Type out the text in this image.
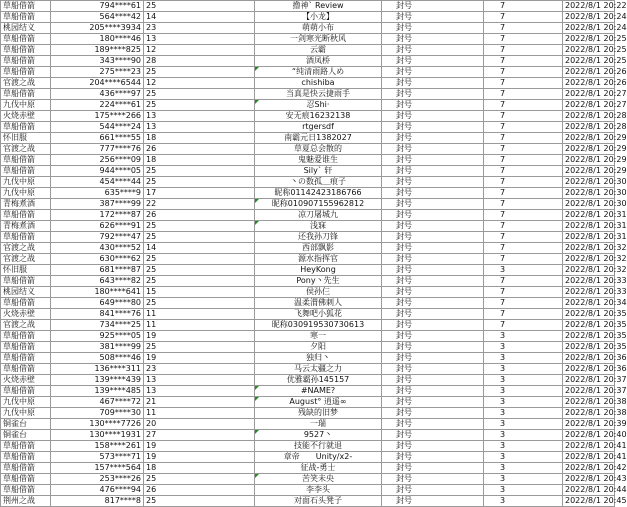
草船借箭	794****61	25	撸神` Review	封号	7	2022/8/1 20:22
草船借箭	564****42	14	【小龙】	封号	7	2022/8/1 20:24
桃园结义	205****3934	23	萌萌小布	封号	7	2022/8/1 20:24
草船借箭	180****46	13	一剑寒光断秋风	封号	7	2022/8/1 20:25
草船借箭	189****825	12	云霸	封号	7	2022/8/1 20:25
草船借箭	343****90	28	酒凤桥	封号	7	2022/8/1 20:25
草船借箭	275****23	25	“纯清雨路人め	封号	7	2022/8/1 20:26
官渡之战	204****6544	12	chishiba	封号	7	2022/8/1 20:26
草船借箭	436****97	25	当真是快云捷雨手	封号	7	2022/8/1 20:27
九伐中原	224****61	25	忍Shi·	封号	7	2022/8/1 20:27
火烧赤壁	175****266	13	安无痕16232138	封号	7	2022/8/1 20:28
草船借箭	544****24	13	rtgersdf	封号	7	2022/8/1 20:28
怀旧服	661****55	18	南霸元日1382027	封号	7	2022/8/1 20:29
官渡之战	777****76	26	草夏总会散的	封号	7	2022/8/1 20:29
草船借箭	256****09	18	鬼魅爱谁生	封号	7	2022/8/1 20:29
草船借箭	944****05	25	Sily` 轩	封号	7	2022/8/1 20:29
九伐中原	454****44	25	丶の数孤＿痕子	封号	7	2022/8/1 20:30
九伐中原	635****9	17	昵称01142423186766	封号	7	2022/8/1 20:30
青梅煮酒	387****99	22	昵称010907155962812	封号	7	2022/8/1 20:30
草船借箭	172****87	26	凉刀屠城九	封号	7	2022/8/1 20:31
青梅煮酒	626****91	25	浅寐	封号	7	2022/8/1 20:31
草船借箭	792****47	25	还我孙刀锋	封号	7	2022/8/1 20:31
官渡之战	430****52	14	西部飘影	封号	7	2022/8/1 20:32
官渡之战	630****62	25	源水指挥官	封号	7	2022/8/1 20:32
怀旧服	681****87	25	HeyKong	封号	3	2022/8/1 20:32
草船借箭	643****82	25	Pony丶先生	封号	7	2022/8/1 20:33
桃园结义	180****641	15	侯孙仨	封号	7	2022/8/1 20:33
草船借箭	649****80	25	温柔渭佛刺人	封号	7	2022/8/1 20:34
火烧赤壁	841****76	11	飞舞吧小狐花	封号	7	2022/8/1 20:35
官渡之战	734****25	11	昵称030919530730613	封号	7	2022/8/1 20:35
草船借箭	925****05	19	寒一	封号	3	2022/8/1 20:35
草船借箭	381****99	25	夕阳	封号	3	2022/8/1 20:35
草船借箭	508****46	19	独归丶	封号	3	2022/8/1 20:36
草船借箭	136****311	23	马云太疆之力	封号	3	2022/8/1 20:36
火烧赤壁	139****439	13	优雅霸孙145157	封号	3	2022/8/1 20:37
草船借箭	139****485	13	#NAME?	封号	3	2022/8/1 20:37
九伐中原	467****72	21	August° 逍遥∞	封号	3	2022/8/1 20:38
九伐中原	709****30	11	残缺的旧梦	封号	3	2022/8/1 20:38
铜雀台	130****7726	20	一瑞	封号	3	2022/8/1 20:39
铜雀台	130****1931	27	9527丶	封号	3	2022/8/1 20:40
草船借箭	158****261	19	技能不行就退	封号	3	2022/8/1 20:41
草船借箭	573****71	19	章帝　　Unity/x2-	封号	3	2022/8/1 20:41
草船借箭	157****564	18	征战-勇士	封号	3	2022/8/1 20:42
草船借箭	253****26	25	苦笑未央	封号	3	2022/8/1 20:43
草船借箭	476****94	26	李李头	封号	3	2022/8/1 20:44
荆州之战	817****8	25	对面石头凳子	封号	3	2022/8/1 20:45
